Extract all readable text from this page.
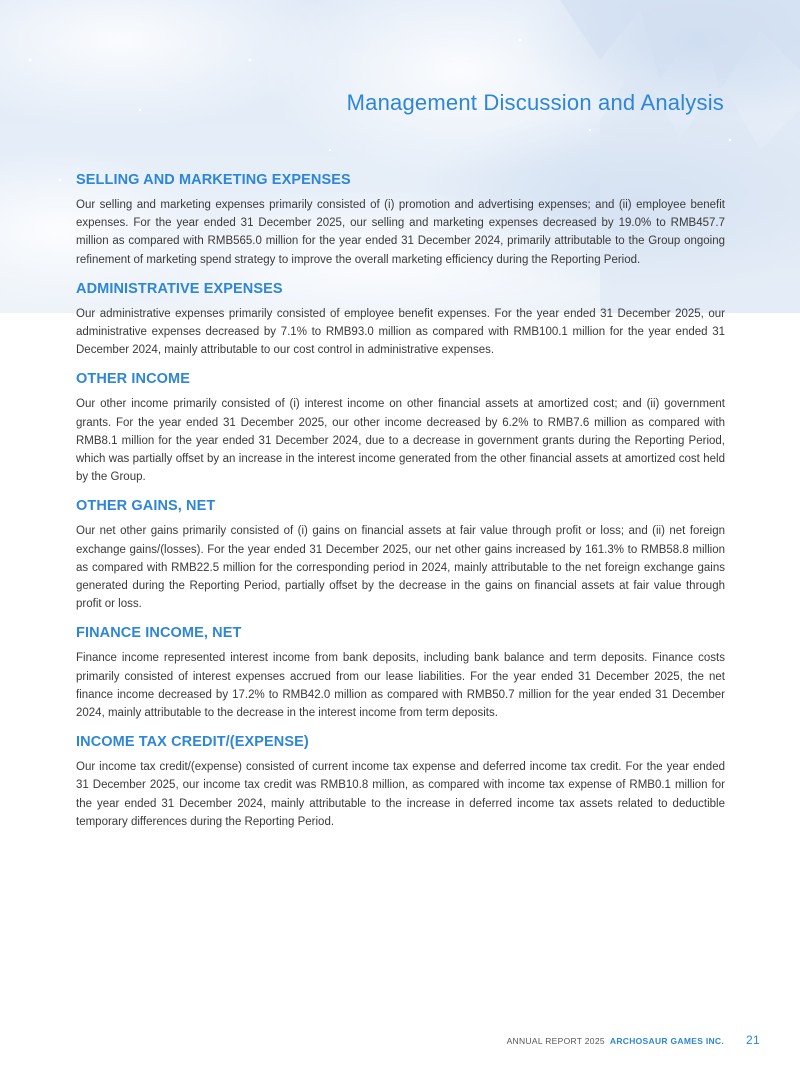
Management Discussion and Analysis
SELLING AND MARKETING EXPENSES

Our selling and marketing expenses primarily consisted of (i) promotion and advertising expenses; and (ii) employee benefit expenses. For the year ended 31 December 2025, our selling and marketing expenses decreased by 19.0% to RMB457.7 million as compared with RMB565.0 million for the year ended 31 December 2024, primarily attributable to the Group ongoing refinement of marketing spend strategy to improve the overall marketing efficiency during the Reporting Period.

ADMINISTRATIVE EXPENSES

Our administrative expenses primarily consisted of employee benefit expenses. For the year ended 31 December 2025, our administrative expenses decreased by 7.1% to RMB93.0 million as compared with RMB100.1 million for the year ended 31 December 2024, mainly attributable to our cost control in administrative expenses.

OTHER INCOME

Our other income primarily consisted of (i) interest income on other financial assets at amortized cost; and (ii) government grants. For the year ended 31 December 2025, our other income decreased by 6.2% to RMB7.6 million as compared with RMB8.1 million for the year ended 31 December 2024, due to a decrease in government grants during the Reporting Period, which was partially offset by an increase in the interest income generated from the other financial assets at amortized cost held by the Group.

OTHER GAINS, NET

Our net other gains primarily consisted of (i) gains on financial assets at fair value through profit or loss; and (ii) net foreign exchange gains/(losses). For the year ended 31 December 2025, our net other gains increased by 161.3% to RMB58.8 million as compared with RMB22.5 million for the corresponding period in 2024, mainly attributable to the net foreign exchange gains generated during the Reporting Period, partially offset by the decrease in the gains on financial assets at fair value through profit or loss.

FINANCE INCOME, NET

Finance income represented interest income from bank deposits, including bank balance and term deposits. Finance costs primarily consisted of interest expenses accrued from our lease liabilities. For the year ended 31 December 2025, the net finance income decreased by 17.2% to RMB42.0 million as compared with RMB50.7 million for the year ended 31 December 2024, mainly attributable to the decrease in the interest income from term deposits.

INCOME TAX CREDIT/(EXPENSE)

Our income tax credit/(expense) consisted of current income tax expense and deferred income tax credit. For the year ended 31 December 2025, our income tax credit was RMB10.8 million, as compared with income tax expense of RMB0.1 million for the year ended 31 December 2024, mainly attributable to the increase in deferred income tax assets related to deductible temporary differences during the Reporting Period.

ANNUAL REPORT 2025 ARCHOSAUR GAMES INC. 21
